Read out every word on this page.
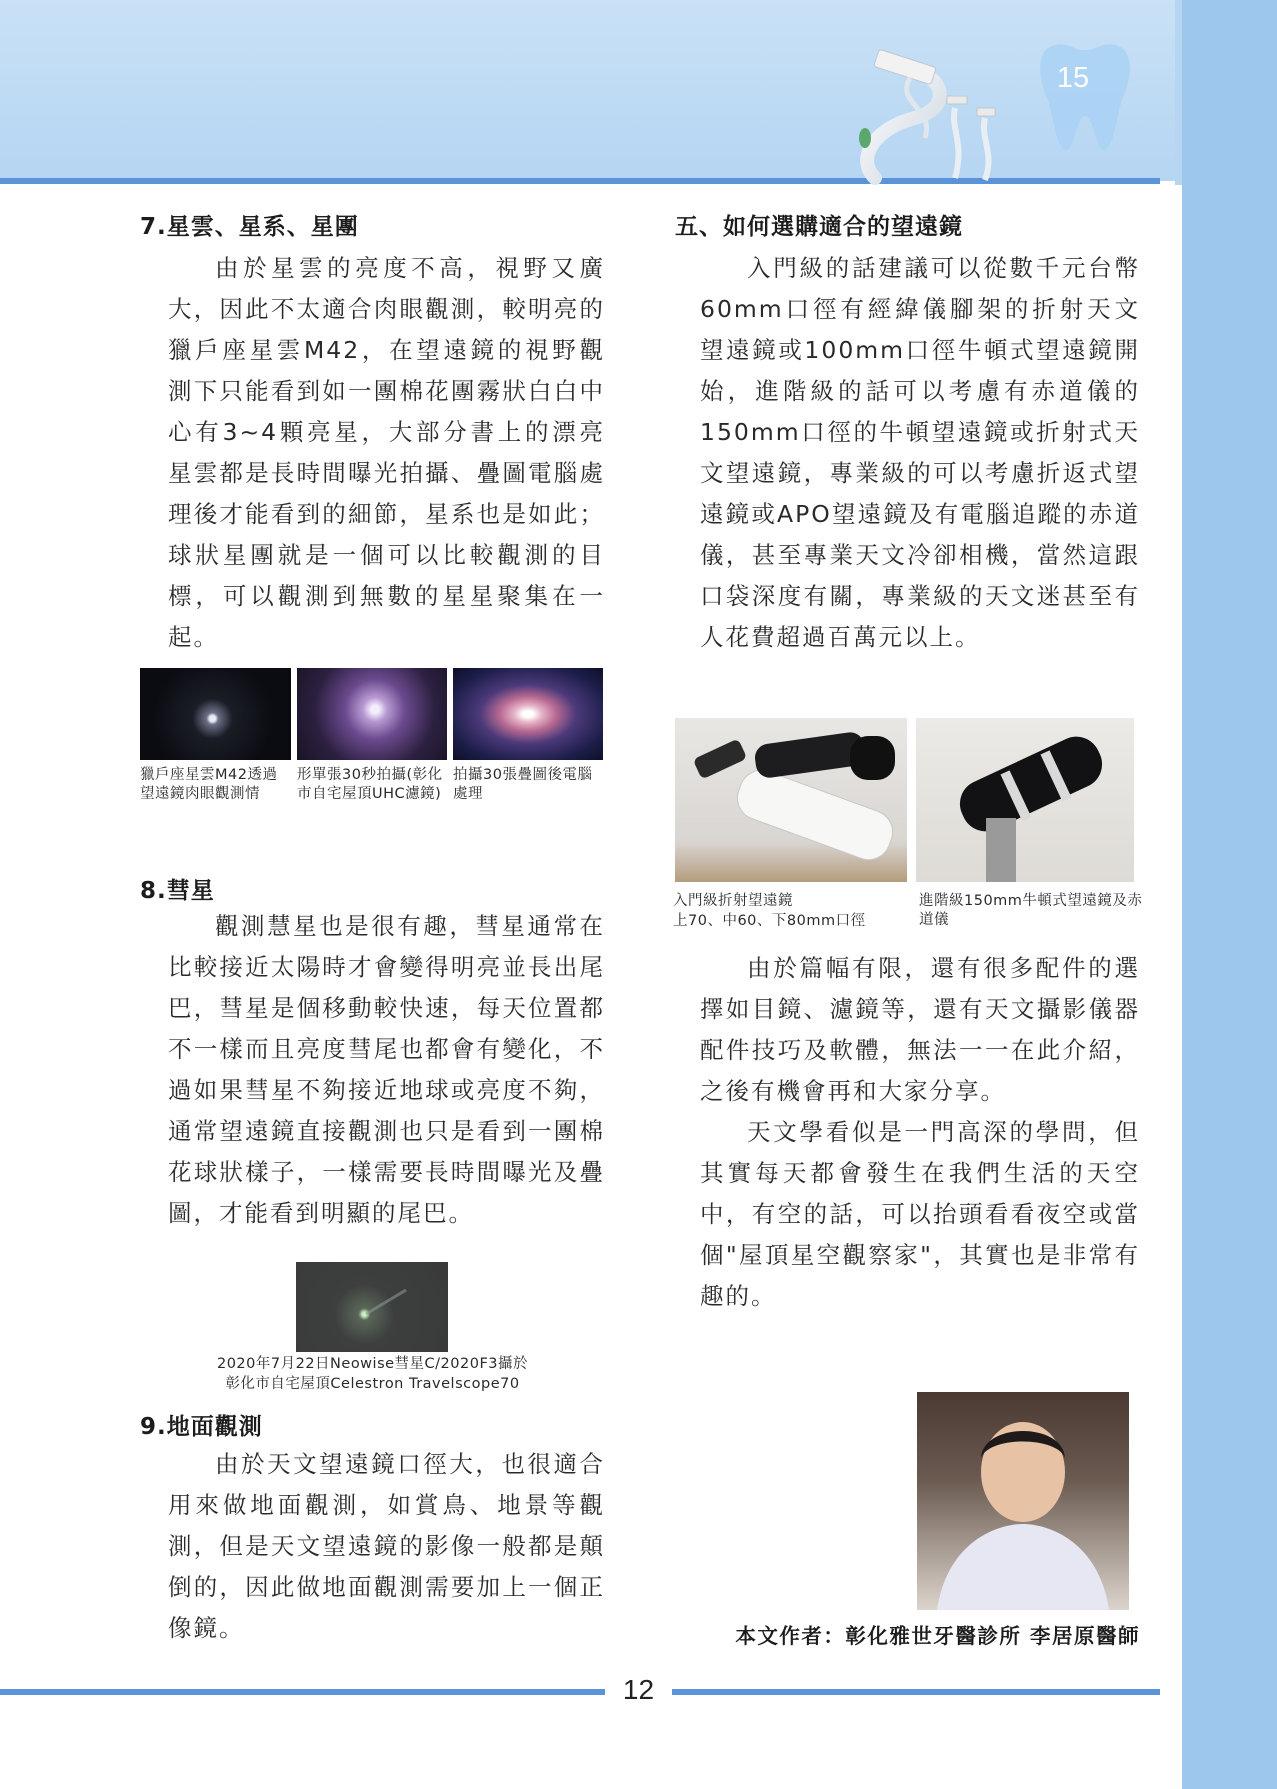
15
7.星雲、星系、星團

由於星雲的亮度不高，視野又廣大，因此不太適合肉眼觀測，較明亮的獵戶座星雲M42，在望遠鏡的視野觀測下只能看到如一團棉花團霧狀白白中心有3~4顆亮星，大部分書上的漂亮星雲都是長時間曝光拍攝、疊圖電腦處理後才能看到的細節，星系也是如此；球狀星團就是一個可以比較觀測的目標，可以觀測到無數的星星聚集在一起。

獵戶座星雲M42透過望遠鏡肉眼觀測情
形單張30秒拍攝(彰化市自宅屋頂UHC濾鏡)
拍攝30張疊圖後電腦處理
8.彗星

觀測慧星也是很有趣，彗星通常在比較接近太陽時才會變得明亮並長出尾巴，彗星是個移動較快速，每天位置都不一樣而且亮度彗尾也都會有變化，不過如果彗星不夠接近地球或亮度不夠，通常望遠鏡直接觀測也只是看到一團棉花球狀樣子，一樣需要長時間曝光及疊圖，才能看到明顯的尾巴。

2020年7月22日Neowise彗星C/2020F3攝於
彰化市自宅屋頂Celestron Travelscope70
9.地面觀測

由於天文望遠鏡口徑大，也很適合用來做地面觀測，如賞鳥、地景等觀測，但是天文望遠鏡的影像一般都是顛倒的，因此做地面觀測需要加上一個正像鏡。

五、如何選購適合的望遠鏡

入門級的話建議可以從數千元台幣60mm口徑有經緯儀腳架的折射天文望遠鏡或100mm口徑牛頓式望遠鏡開始，進階級的話可以考慮有赤道儀的150mm口徑的牛頓望遠鏡或折射式天文望遠鏡，專業級的可以考慮折返式望遠鏡或APO望遠鏡及有電腦追蹤的赤道儀，甚至專業天文冷卻相機，當然這跟口袋深度有關，專業級的天文迷甚至有人花費超過百萬元以上。

入門級折射望遠鏡
上70、中60、下80mm口徑
進階級150mm牛頓式望遠鏡及赤道儀

由於篇幅有限，還有很多配件的選擇如目鏡、濾鏡等，還有天文攝影儀器配件技巧及軟體，無法一一在此介紹，之後有機會再和大家分享。

天文學看似是一門高深的學問，但其實每天都會發生在我們生活的天空中，有空的話，可以抬頭看看夜空或當個"屋頂星空觀察家"，其實也是非常有趣的。

本文作者：彰化雅世牙醫診所 李居原醫師
12
